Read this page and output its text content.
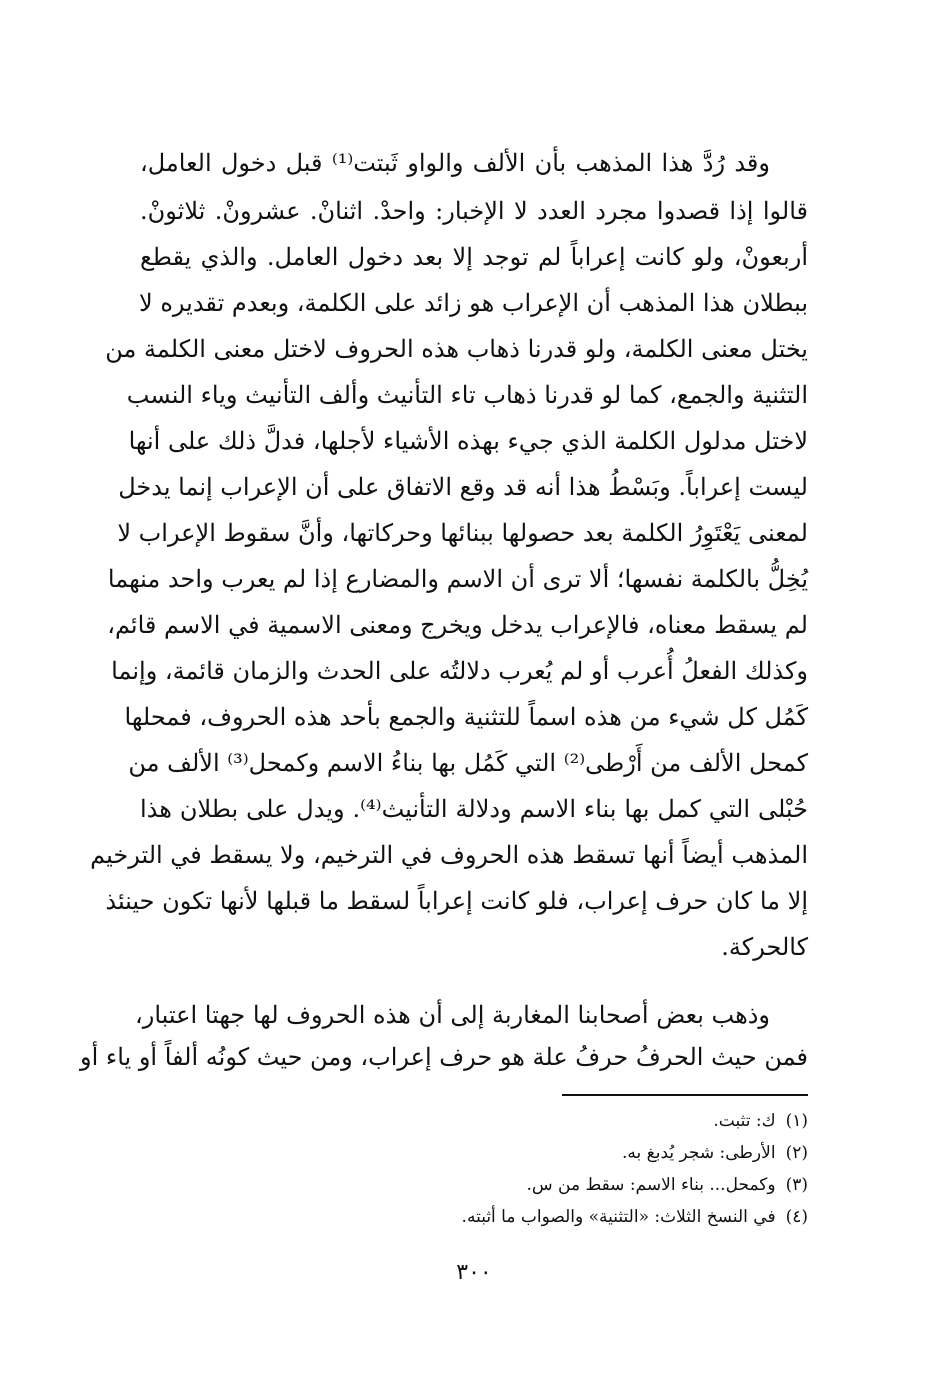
وقد رُدَّ هذا المذهب بأن الألف والواو ثَبتت⁽¹⁾ قبل دخول العامل،
قالوا إذا قصدوا مجرد العدد لا الإخبار: واحدْ. اثنانْ. عشرونْ. ثلاثونْ.
أربعونْ، ولو كانت إعراباً لم توجد إلا بعد دخول العامل. والذي يقطع
ببطلان هذا المذهب أن الإعراب هو زائد على الكلمة، وبعدم تقديره لا
يختل معنى الكلمة، ولو قدرنا ذهاب هذه الحروف لاختل معنى الكلمة من
التثنية والجمع، كما لو قدرنا ذهاب تاء التأنيث وألف التأنيث وياء النسب
لاختل مدلول الكلمة الذي جيء بهذه الأشياء لأجلها، فدلَّ ذلك على أنها
ليست إعراباً. وبَسْطُ هذا أنه قد وقع الاتفاق على أن الإعراب إنما يدخل
لمعنى يَعْتَوِرُ الكلمة بعد حصولها ببنائها وحركاتها، وأنَّ سقوط الإعراب لا
يُخِلُّ بالكلمة نفسها؛ ألا ترى أن الاسم والمضارع إذا لم يعرب واحد منهما
لم يسقط معناه، فالإعراب يدخل ويخرج ومعنى الاسمية في الاسم قائم،
وكذلك الفعلُ أُعرب أو لم يُعرب دلالتُه على الحدث والزمان قائمة، وإنما
كَمُل كل شيء من هذه اسماً للتثنية والجمع بأحد هذه الحروف، فمحلها
كمحل الألف من أَرْطى⁽²⁾ التي كَمُل بها بناءُ الاسم وكمحل⁽³⁾ الألف من
حُبْلى التي كمل بها بناء الاسم ودلالة التأنيث⁽⁴⁾. ويدل على بطلان هذا
المذهب أيضاً أنها تسقط هذه الحروف في الترخيم، ولا يسقط في الترخيم
إلا ما كان حرف إعراب، فلو كانت إعراباً لسقط ما قبلها لأنها تكون حينئذ
كالحركة.
وذهب بعض أصحابنا المغاربة إلى أن هذه الحروف لها جهتا اعتبار،
فمن حيث الحرفُ حرفُ علة هو حرف إعراب، ومن حيث كونُه ألفاً أو ياء أو
(١)ك: تثبت.
(٢)الأرطى: شجر يُدبغ به.
(٣)وكمحل... بناء الاسم: سقط من س.
(٤)في النسخ الثلاث: «التثنية» والصواب ما أثبته.
٣٠٠
